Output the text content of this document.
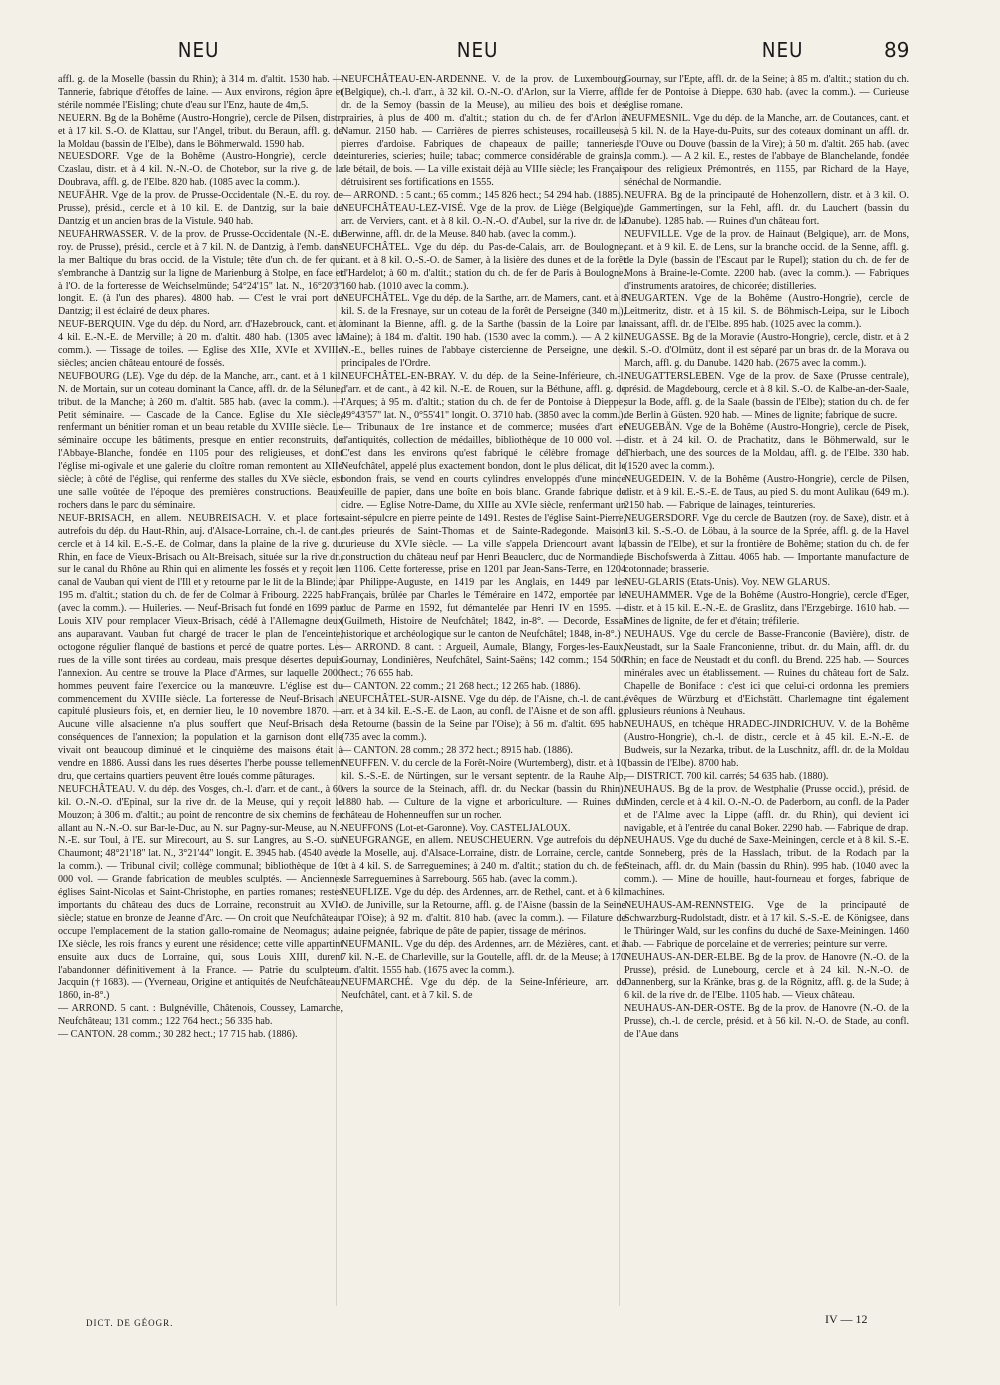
NEU	NEU	NEU	89

affl. g. de la Moselle (bassin du Rhin); à 314 m. d'altit. 1530 hab. — Tannerie, fabrique d'étoffes de laine. — Aux environs, région âpre et stérile nommée l'Eisling; chute d'eau sur l'Enz, haute de 4m,5.

NEUERN. Bg de la Bohême (Austro-Hongrie), cercle de Pilsen, distr. et à 17 kil. S.-O. de Klattau, sur l'Angel, tribut. du Beraun, affl. g. de la Moldau (bassin de l'Elbe), dans le Böhmerwald. 1590 hab.

NEUESDORF. Vge de la Bohême (Austro-Hongrie), cercle de Czaslau, distr. et à 4 kil. N.-N.-O. de Chotebor, sur la rive g. de la Doubrava, affl. g. de l'Elbe. 820 hab. (1085 avec la comm.).

NEUFÄHR. Vge de la prov. de Prusse-Occidentale (N.-E. du roy. de Prusse), présid., cercle et à 10 kil. E. de Dantzig, sur la baie de Dantzig et un ancien bras de la Vistule. 940 hab.

NEUFAHRWASSER. V. de la prov. de Prusse-Occidentale (N.-E. du roy. de Prusse), présid., cercle et à 7 kil. N. de Dantzig, à l'emb. dans la mer Baltique du bras occid. de la Vistule; tête d'un ch. de fer qui s'embranche à Dantzig sur la ligne de Marienburg à Stolpe, en face et à l'O. de la forteresse de Weichselmünde; 54°24'15" lat. N., 16°20'3" longit. E. (à l'un des phares). 4800 hab. — C'est le vrai port de Dantzig; il est éclairé de deux phares.

NEUF-BERQUIN. Vge du dép. du Nord, arr. d'Hazebrouck, cant. et à 4 kil. E.-N.-E. de Merville; à 20 m. d'altit. 480 hab. (1305 avec la comm.). — Tissage de toiles. — Eglise des XIIe, XVIe et XVIIIe siècles; ancien château entouré de fossés.

NEUFBOURG (LE). Vge du dép. de la Manche, arr., cant. et à 1 kil. N. de Mortain, sur un coteau dominant la Cance, affl. dr. de la Sélune, tribut. de la Manche; à 260 m. d'altit. 585 hab. (avec la comm.). — Petit séminaire. — Cascade de la Cance. Eglise du XIe siècle, renfermant un bénitier roman et un beau retable du XVIIIe siècle. Le séminaire occupe les bâtiments, presque en entier reconstruits, de l'Abbaye-Blanche, fondée en 1105 pour des religieuses, et dont l'église mi-ogivale et une galerie du cloître roman remontent au XIIe siècle; à côté de l'église, qui renferme des stalles du XVe siècle, est une salle voûtée de l'époque des premières constructions. Beaux rochers dans le parc du séminaire.

NEUF-BRISACH, en allem. NEUBREISACH. V. et place forte autrefois du dép. du Haut-Rhin, auj. d'Alsace-Lorraine, ch.-l. de cant., cercle et à 14 kil. E.-S.-E. de Colmar, dans la plaine de la rive g. du Rhin, en face de Vieux-Brisach ou Alt-Breisach, située sur la rive dr., sur le canal du Rhône au Rhin qui en alimente les fossés et y reçoit le canal de Vauban qui vient de l'Ill et y retourne par le lit de la Blinde; à 195 m. d'altit.; station du ch. de fer de Colmar à Fribourg. 2225 hab. (avec la comm.). — Huileries. — Neuf-Brisach fut fondé en 1699 par Louis XIV pour remplacer Vieux-Brisach, cédé à l'Allemagne deux ans auparavant. Vauban fut chargé de tracer le plan de l'enceinte, octogone régulier flanqué de bastions et percé de quatre portes. Les rues de la ville sont tirées au cordeau, mais presque désertes depuis l'annexion. Au centre se trouve la Place d'Armes, sur laquelle 2000 hommes peuvent faire l'exercice ou la manœuvre. L'église est du commencement du XVIIIe siècle. La forteresse de Neuf-Brisach a capitulé plusieurs fois, et, en dernier lieu, le 10 novembre 1870. — Aucune ville alsacienne n'a plus souffert que Neuf-Brisach des conséquences de l'annexion; la population et la garnison dont elle vivait ont beaucoup diminué et le cinquième des maisons était à vendre en 1886. Aussi dans les rues désertes l'herbe pousse tellement dru, que certains quartiers peuvent être loués comme pâturages.

NEUFCHÂTEAU. V. du dép. des Vosges, ch.-l. d'arr. et de cant., à 60 kil. O.-N.-O. d'Epinal, sur la rive dr. de la Meuse, qui y reçoit le Mouzon; à 306 m. d'altit.; au point de rencontre de six chemins de fer allant au N.-N.-O. sur Bar-le-Duc, au N. sur Pagny-sur-Meuse, au N.-N.-E. sur Toul, à l'E. sur Mirecourt, au S. sur Langres, au S.-O. sur Chaumont; 48°21'18" lat. N., 3°21'44" longit. E. 3945 hab. (4540 avec la comm.). — Tribunal civil; collège communal; bibliothèque de 10 000 vol. — Grande fabrication de meubles sculptés. — Anciennes églises Saint-Nicolas et Saint-Christophe, en parties romanes; restes importants du château des ducs de Lorraine, reconstruit au XVIe siècle; statue en bronze de Jeanne d'Arc. — On croit que Neufchâteau occupe l'emplacement de la station gallo-romaine de Neomagus; au IXe siècle, les rois francs y eurent une résidence; cette ville appartint ensuite aux ducs de Lorraine, qui, sous Louis XIII, durent l'abandonner définitivement à la France. — Patrie du sculpteur Jacquin († 1683). — (Yverneau, Origine et antiquités de Neufchâteau; 1860, in-8°.)

— ARROND. 5 cant. : Bulgnéville, Châtenois, Coussey, Lamarche, Neufchâteau; 131 comm.; 122 764 hect.; 56 335 hab.

— CANTON. 28 comm.; 30 282 hect.; 17 715 hab. (1886).

NEUFCHÂTEAU-EN-ARDENNE. V. de la prov. de Luxembourg (Belgique), ch.-l. d'arr., à 32 kil. O.-N.-O. d'Arlon, sur la Vierre, affl. dr. de la Semoy (bassin de la Meuse), au milieu des bois et des prairies, à plus de 400 m. d'altit.; station du ch. de fer d'Arlon à Namur. 2150 hab. — Carrières de pierres schisteuses, rocailleuses, pierres d'ardoise. Fabriques de chapeaux de paille; tanneries, teintureries, scieries; huile; tabac; commerce considérable de grains, de bétail, de bois. — La ville existait déjà au VIIIe siècle; les Français détruisirent ses fortifications en 1555.

— ARROND. : 5 cant.; 65 comm.; 145 826 hect.; 54 294 hab. (1885).

NEUFCHÂTEAU-LEZ-VISÉ. Vge de la prov. de Liège (Belgique), arr. de Verviers, cant. et à 8 kil. O.-N.-O. d'Aubel, sur la rive dr. de la Berwinne, affl. dr. de la Meuse. 840 hab. (avec la comm.).

NEUFCHÂTEL. Vge du dép. du Pas-de-Calais, arr. de Boulogne, cant. et à 8 kil. O.-S.-O. de Samer, à la lisière des dunes et de la forêt d'Hardelot; à 60 m. d'altit.; station du ch. de fer de Paris à Boulogne. 160 hab. (1010 avec la comm.).

NEUFCHÂTEL. Vge du dép. de la Sarthe, arr. de Mamers, cant. et à 8 kil. S. de la Fresnaye, sur un coteau de la forêt de Perseigne (340 m.), dominant la Bienne, affl. g. de la Sarthe (bassin de la Loire par la Maine); à 184 m. d'altit. 190 hab. (1530 avec la comm.). — A 2 kil. N.-E., belles ruines de l'abbaye cistercienne de Perseigne, une des principales de l'Ordre.

NEUFCHÂTEL-EN-BRAY. V. du dép. de la Seine-Inférieure, ch.-l. d'arr. et de cant., à 42 kil. N.-E. de Rouen, sur la Béthune, affl. g. de l'Arques; à 95 m. d'altit.; station du ch. de fer de Pontoise à Dieppe; 49°43'57" lat. N., 0°55'41" longit. O. 3710 hab. (3850 avec la comm.). — Tribunaux de 1re instance et de commerce; musées d'art et d'antiquités, collection de médailles, bibliothèque de 10 000 vol. — C'est dans les environs qu'est fabriqué le célèbre fromage de Neufchâtel, appelé plus exactement bondon, dont le plus délicat, dit le bondon frais, se vend en courts cylindres enveloppés d'une mince feuille de papier, dans une boîte en bois blanc. Grande fabrique de cidre. — Eglise Notre-Dame, du XIIIe au XVIe siècle, renfermant un saint-sépulcre en pierre peinte de 1491. Restes de l'église Saint-Pierre, des prieurés de Saint-Thomas et de Sainte-Radegonde. Maison curieuse du XVIe siècle. — La ville s'appela Driencourt avant la construction du château neuf par Henri Beauclerc, duc de Normandie, en 1106. Cette forteresse, prise en 1201 par Jean-Sans-Terre, en 1204 par Philippe-Auguste, en 1419 par les Anglais, en 1449 par les Français, brûlée par Charles le Téméraire en 1472, emportée par le duc de Parme en 1592, fut démantelée par Henri IV en 1595. — (Guilmeth, Histoire de Neufchâtel; 1842, in-8°. — Decorde, Essai historique et archéologique sur le canton de Neufchâtel; 1848, in-8°.)

— ARROND. 8 cant. : Argueil, Aumale, Blangy, Forges-les-Eaux, Gournay, Londinières, Neufchâtel, Saint-Saëns; 142 comm.; 154 500 hect.; 76 655 hab.

— CANTON. 22 comm.; 21 268 hect.; 12 265 hab. (1886).

NEUFCHÂTEL-SUR-AISNE. Vge du dép. de l'Aisne, ch.-l. de cant., arr. et à 34 kil. E.-S.-E. de Laon, au confl. de l'Aisne et de son affl. g. la Retourne (bassin de la Seine par l'Oise); à 56 m. d'altit. 695 hab. (735 avec la comm.).

— CANTON. 28 comm.; 28 372 hect.; 8915 hab. (1886).

NEUFFEN. V. du cercle de la Forêt-Noire (Wurtemberg), distr. et à 10 kil. S.-S.-E. de Nürtingen, sur le versant septentr. de la Rauhe Alp, vers la source de la Steinach, affl. dr. du Neckar (bassin du Rhin). 1880 hab. — Culture de la vigne et arboriculture. — Ruines du château de Hohenneuffen sur un rocher.

NEUFFONS (Lot-et-Garonne). Voy. CASTELJALOUX.

NEUFGRANGE, en allem. NEUSCHEUERN. Vge autrefois du dép. de la Moselle, auj. d'Alsace-Lorraine, distr. de Lorraine, cercle, cant. et à 4 kil. S. de Sarreguemines; à 240 m. d'altit.; station du ch. de fer de Sarreguemines à Sarrebourg. 565 hab. (avec la comm.).

NEUFLIZE. Vge du dép. des Ardennes, arr. de Rethel, cant. et à 6 kil. O. de Juniville, sur la Retourne, affl. g. de l'Aisne (bassin de la Seine par l'Oise); à 92 m. d'altit. 810 hab. (avec la comm.). — Filature de laine peignée, fabrique de pâte de papier, tissage de mérinos.

NEUFMANIL. Vge du dép. des Ardennes, arr. de Mézières, cant. et à 7 kil. N.-E. de Charleville, sur la Goutelle, affl. dr. de la Meuse; à 170 m. d'altit. 1555 hab. (1675 avec la comm.).

NEUFMARCHÉ. Vge du dép. de la Seine-Inférieure, arr. de Neufchâtel, cant. et à 7 kil. S. de

Gournay, sur l'Epte, affl. dr. de la Seine; à 85 m. d'altit.; station du ch. de fer de Pontoise à Dieppe. 630 hab. (avec la comm.). — Curieuse église romane.

NEUFMESNIL. Vge du dép. de la Manche, arr. de Coutances, cant. et à 5 kil. N. de la Haye-du-Puits, sur des coteaux dominant un affl. dr. de l'Ouve ou Douve (bassin de la Vire); à 50 m. d'altit. 265 hab. (avec la comm.). — A 2 kil. E., restes de l'abbaye de Blanchelande, fondée pour des religieux Prémontrés, en 1155, par Richard de la Haye, sénéchal de Normandie.

NEUFRA. Bg de la principauté de Hohenzollern, distr. et à 3 kil. O. de Gammertingen, sur la Fehl, affl. dr. du Lauchert (bassin du Danube). 1285 hab. — Ruines d'un château fort.

NEUFVILLE. Vge de la prov. de Hainaut (Belgique), arr. de Mons, cant. et à 9 kil. E. de Lens, sur la branche occid. de la Senne, affl. g. de la Dyle (bassin de l'Escaut par le Rupel); station du ch. de fer de Mons à Braine-le-Comte. 2200 hab. (avec la comm.). — Fabriques d'instruments aratoires, de chicorée; distilleries.

NEUGARTEN. Vge de la Bohême (Austro-Hongrie), cercle de Leitmeritz, distr. et à 15 kil. S. de Böhmisch-Leipa, sur le Liboch naissant, affl. dr. de l'Elbe. 895 hab. (1025 avec la comm.).

NEUGASSE. Bg de la Moravie (Austro-Hongrie), cercle, distr. et à 2 kil. S.-O. d'Olmütz, dont il est séparé par un bras dr. de la Morava ou March, affl. g. du Danube. 1420 hab. (2675 avec la comm.).

NEUGATTERSLEBEN. Vge de la prov. de Saxe (Prusse centrale), présid. de Magdebourg, cercle et à 8 kil. S.-O. de Kalbe-an-der-Saale, sur la Bode, affl. g. de la Saale (bassin de l'Elbe); station du ch. de fer de Berlin à Güsten. 920 hab. — Mines de lignite; fabrique de sucre.

NEUGEBÄN. Vge de la Bohême (Austro-Hongrie), cercle de Pisek, distr. et à 24 kil. O. de Prachatitz, dans le Böhmerwald, sur le Thierbach, une des sources de la Moldau, affl. g. de l'Elbe. 330 hab. (1520 avec la comm.).

NEUGEDEIN. V. de la Bohême (Austro-Hongrie), cercle de Pilsen, distr. et à 9 kil. E.-S.-E. de Taus, au pied S. du mont Aulikau (649 m.). 2150 hab. — Fabrique de lainages, teintureries.

NEUGERSDORF. Vge du cercle de Bautzen (roy. de Saxe), distr. et à 13 kil. S.-S.-O. de Löbau, à la source de la Sprée, affl. g. de la Havel (bassin de l'Elbe), et sur la frontière de Bohême; station du ch. de fer de Bischofswerda à Zittau. 4065 hab. — Importante manufacture de cotonnade; brasserie.

NEU-GLARIS (Etats-Unis). Voy. NEW GLARUS.

NEUHAMMER. Vge de la Bohême (Austro-Hongrie), cercle d'Eger, distr. et à 15 kil. E.-N.-E. de Graslitz, dans l'Erzgebirge. 1610 hab. — Mines de lignite, de fer et d'étain; tréfilerie.

NEUHAUS. Vge du cercle de Basse-Franconie (Bavière), distr. de Neustadt, sur la Saale Franconienne, tribut. dr. du Main, affl. dr. du Rhin; en face de Neustadt et du confl. du Brend. 225 hab. — Sources minérales avec un établissement. — Ruines du château fort de Salz. Chapelle de Boniface : c'est ici que celui-ci ordonna les premiers évêques de Würzburg et d'Eichstätt. Charlemagne tint également plusieurs réunions à Neuhaus.

NEUHAUS, en tchèque HRADEC-JINDRICHUV. V. de la Bohême (Austro-Hongrie), ch.-l. de distr., cercle et à 45 kil. E.-N.-E. de Budweis, sur la Nezarka, tribut. de la Luschnitz, affl. dr. de la Moldau (bassin de l'Elbe). 8700 hab.

— DISTRICT. 700 kil. carrés; 54 635 hab. (1880).

NEUHAUS. Bg de la prov. de Westphalie (Prusse occid.), présid. de Minden, cercle et à 4 kil. O.-N.-O. de Paderborn, au confl. de la Pader et de l'Alme avec la Lippe (affl. dr. du Rhin), qui devient ici navigable, et à l'entrée du canal Boker. 2290 hab. — Fabrique de drap.

NEUHAUS. Vge du duché de Saxe-Meiningen, cercle et à 8 kil. S.-E. de Sonneberg, près de la Hasslach, tribut. de la Rodach par la Steinach, affl. dr. du Main (bassin du Rhin). 995 hab. (1040 avec la comm.). — Mine de houille, haut-fourneau et forges, fabrique de machines.

NEUHAUS-AM-RENNSTEIG. Vge de la principauté de Schwarzburg-Rudolstadt, distr. et à 17 kil. S.-S.-E. de Königsee, dans le Thüringer Wald, sur les confins du duché de Saxe-Meiningen. 1460 hab. — Fabrique de porcelaine et de verreries; peinture sur verre.

NEUHAUS-AN-DER-ELBE. Bg de la prov. de Hanovre (N.-O. de la Prusse), présid. de Lunebourg, cercle et à 24 kil. N.-N.-O. de Dannenberg, sur la Kränke, bras g. de la Rögnitz, affl. g. de la Sude; à 6 kil. de la rive dr. de l'Elbe. 1105 hab. — Vieux château.

NEUHAUS-AN-DER-OSTE. Bg de la prov. de Hanovre (N.-O. de la Prusse), ch.-l. de cercle, présid. et à 56 kil. N.-O. de Stade, au confl. de l'Aue dans

DICT. DE GÉOGR.	IV — 12
